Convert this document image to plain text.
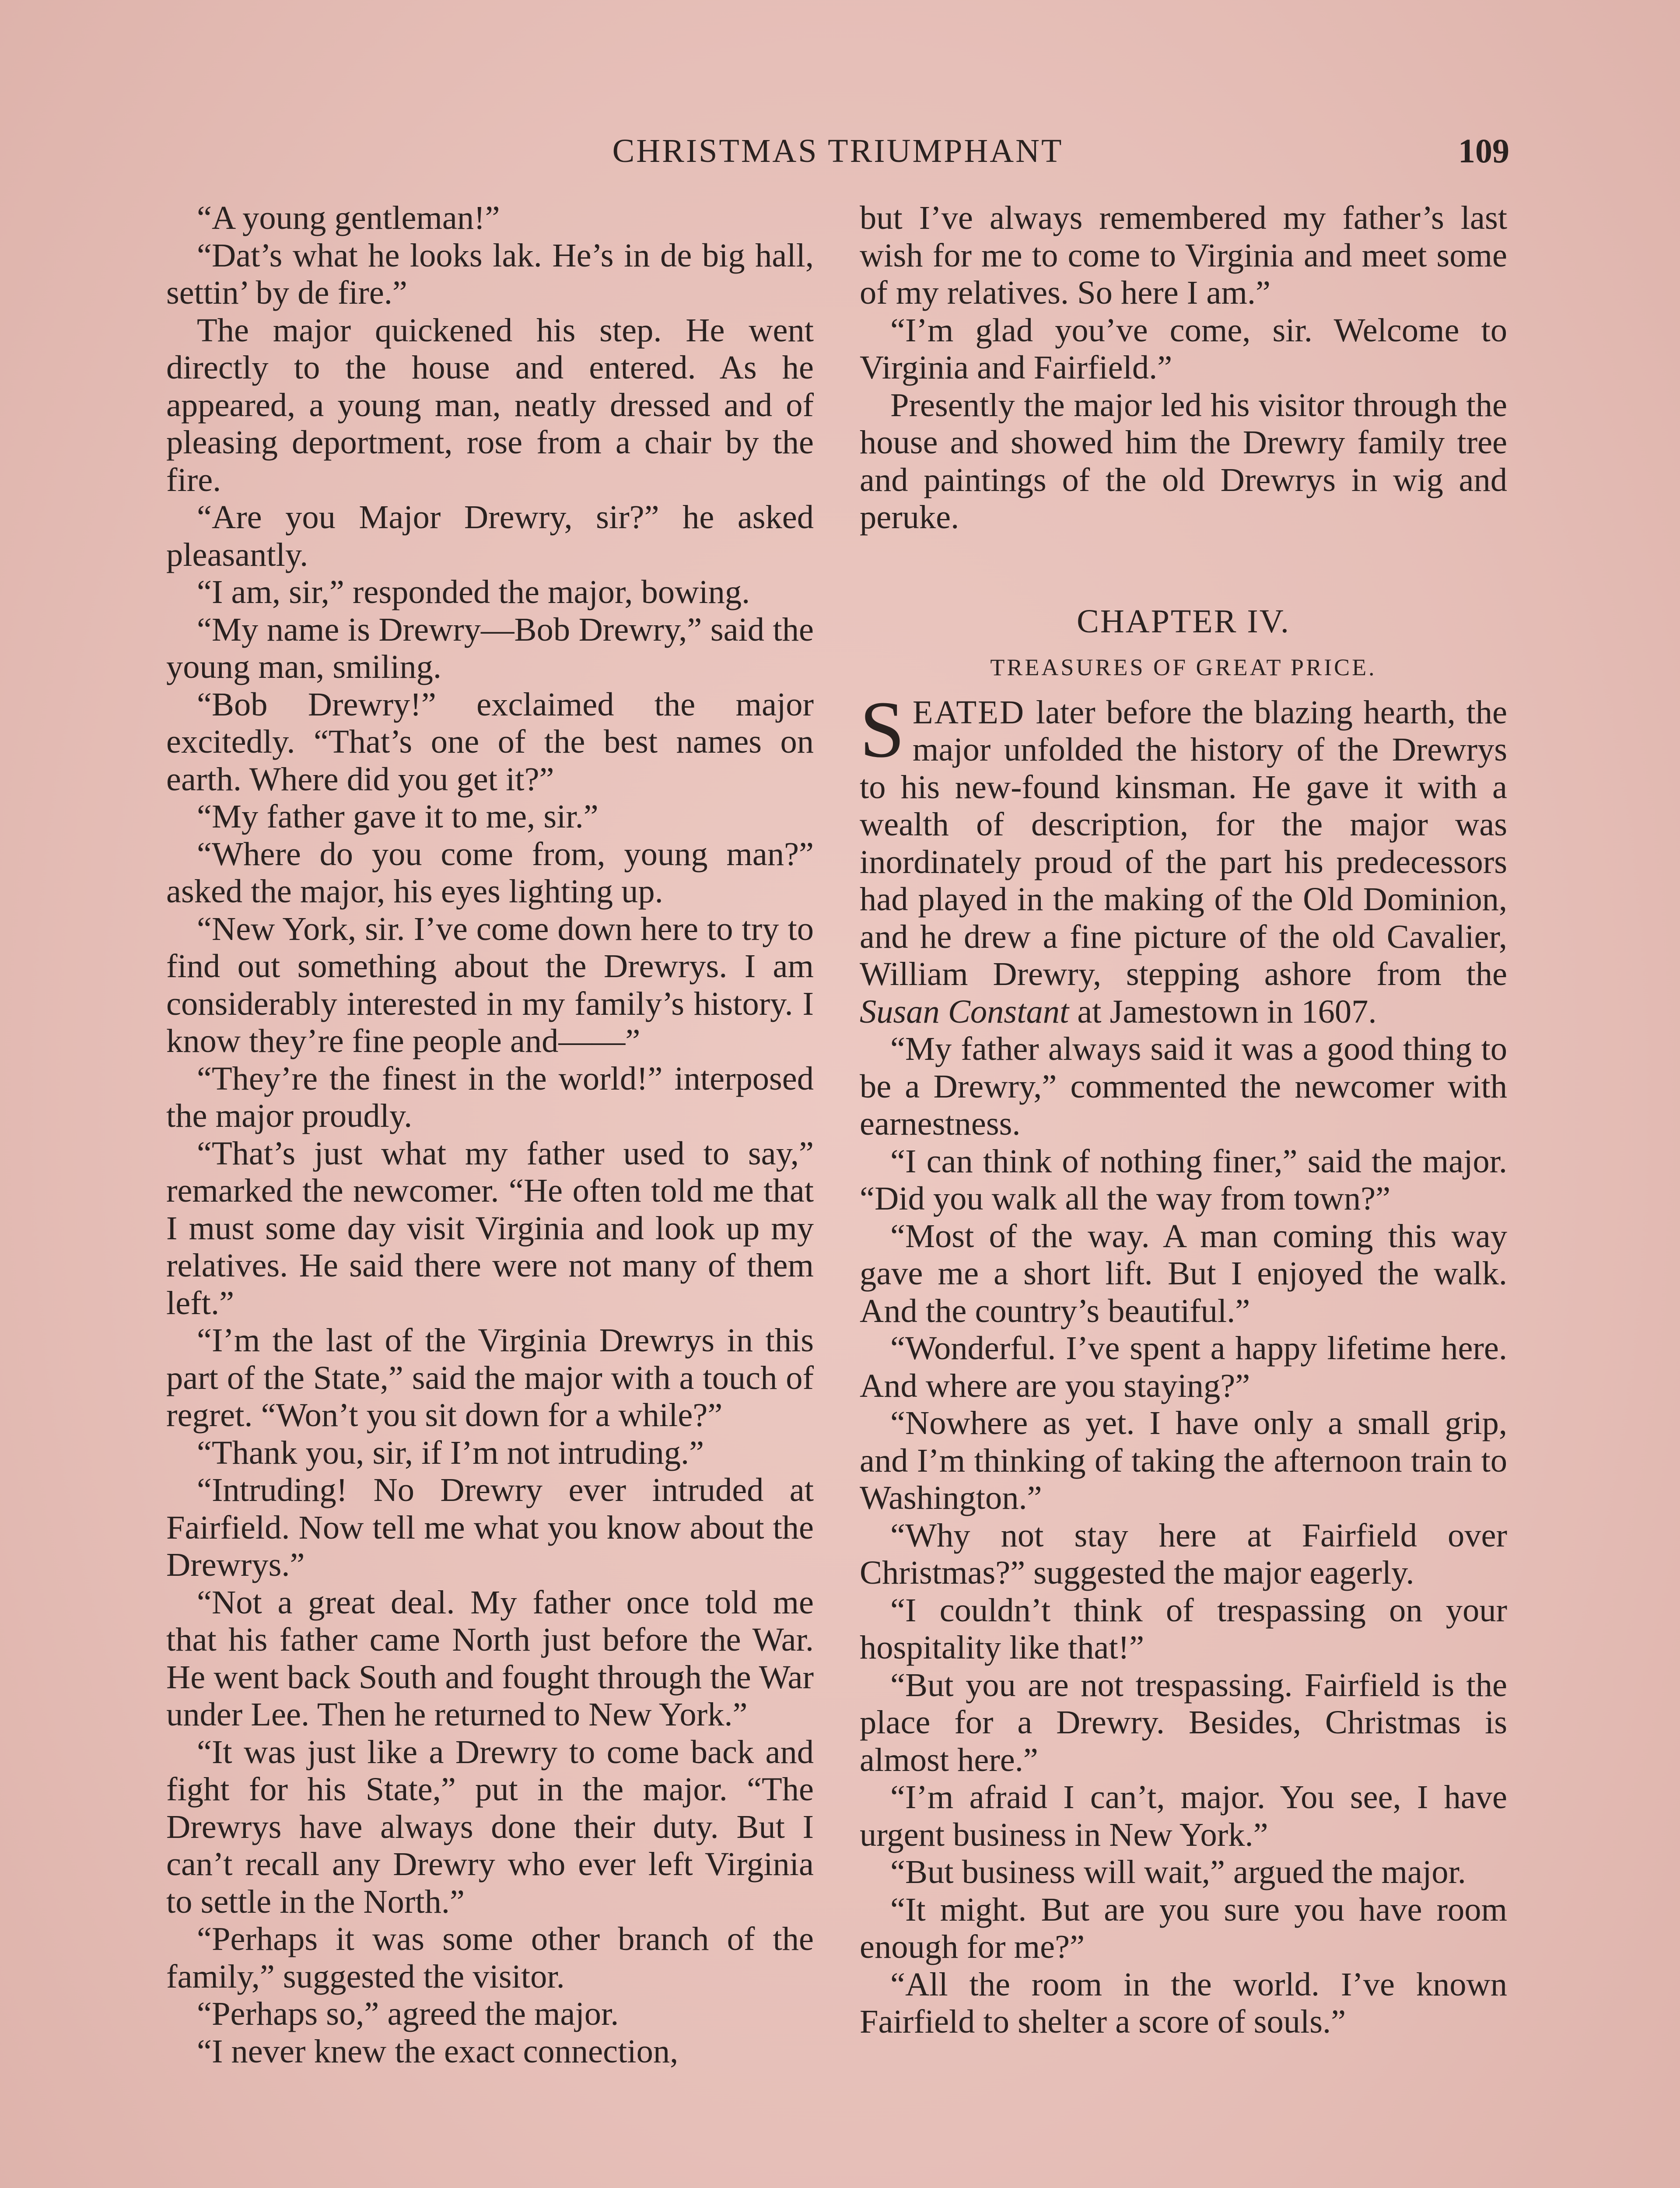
CHRISTMAS TRIUMPHANT	109

“A young gentleman!”

“Dat’s what he looks lak. He’s in de big hall, settin’ by de fire.”

The major quickened his step. He went directly to the house and entered. As he appeared, a young man, neatly dressed and of pleasing deportment, rose from a chair by the fire.

“Are you Major Drewry, sir?” he asked pleasantly.

“I am, sir,” responded the major, bowing.

“My name is Drewry—Bob Drewry,” said the young man, smiling.

“Bob Drewry!” exclaimed the major excitedly. “That’s one of the best names on earth. Where did you get it?”

“My father gave it to me, sir.”

“Where do you come from, young man?” asked the major, his eyes lighting up.

“New York, sir. I’ve come down here to try to find out something about the Drewrys. I am considerably interested in my family’s history. I know they’re fine people and——”

“They’re the finest in the world!” interposed the major proudly.

“That’s just what my father used to say,” remarked the newcomer. “He often told me that I must some day visit Virginia and look up my relatives. He said there were not many of them left.”

“I’m the last of the Virginia Drewrys in this part of the State,” said the major with a touch of regret. “Won’t you sit down for a while?”

“Thank you, sir, if I’m not intruding.”

“Intruding! No Drewry ever intruded at Fairfield. Now tell me what you know about the Drewrys.”

“Not a great deal. My father once told me that his father came North just before the War. He went back South and fought through the War under Lee. Then he returned to New York.”

“It was just like a Drewry to come back and fight for his State,” put in the major. “The Drewrys have always done their duty. But I can’t recall any Drewry who ever left Virginia to settle in the North.”

“Perhaps it was some other branch of the family,” suggested the visitor.

“Perhaps so,” agreed the major.

“I never knew the exact connection,

but I’ve always remembered my father’s last wish for me to come to Virginia and meet some of my relatives. So here I am.”

“I’m glad you’ve come, sir. Welcome to Virginia and Fairfield.”

Presently the major led his visitor through the house and showed him the Drewry family tree and paintings of the old Drewrys in wig and peruke.

CHAPTER IV.
TREASURES OF GREAT PRICE.

SEATED later before the blazing hearth, the major unfolded the history of the Drewrys to his new-found kinsman. He gave it with a wealth of description, for the major was inordinately proud of the part his predecessors had played in the making of the Old Dominion, and he drew a fine picture of the old Cavalier, William Drewry, stepping ashore from the Susan Constant at Jamestown in 1607.

“My father always said it was a good thing to be a Drewry,” commented the newcomer with earnestness.

“I can think of nothing finer,” said the major. “Did you walk all the way from town?”

“Most of the way. A man coming this way gave me a short lift. But I enjoyed the walk. And the country’s beautiful.”

“Wonderful. I’ve spent a happy lifetime here. And where are you staying?”

“Nowhere as yet. I have only a small grip, and I’m thinking of taking the afternoon train to Washington.”

“Why not stay here at Fairfield over Christmas?” suggested the major eagerly.

“I couldn’t think of trespassing on your hospitality like that!”

“But you are not trespassing. Fairfield is the place for a Drewry. Besides, Christmas is almost here.”

“I’m afraid I can’t, major. You see, I have urgent business in New York.”

“But business will wait,” argued the major.

“It might. But are you sure you have room enough for me?”

“All the room in the world. I’ve known Fairfield to shelter a score of souls.”
